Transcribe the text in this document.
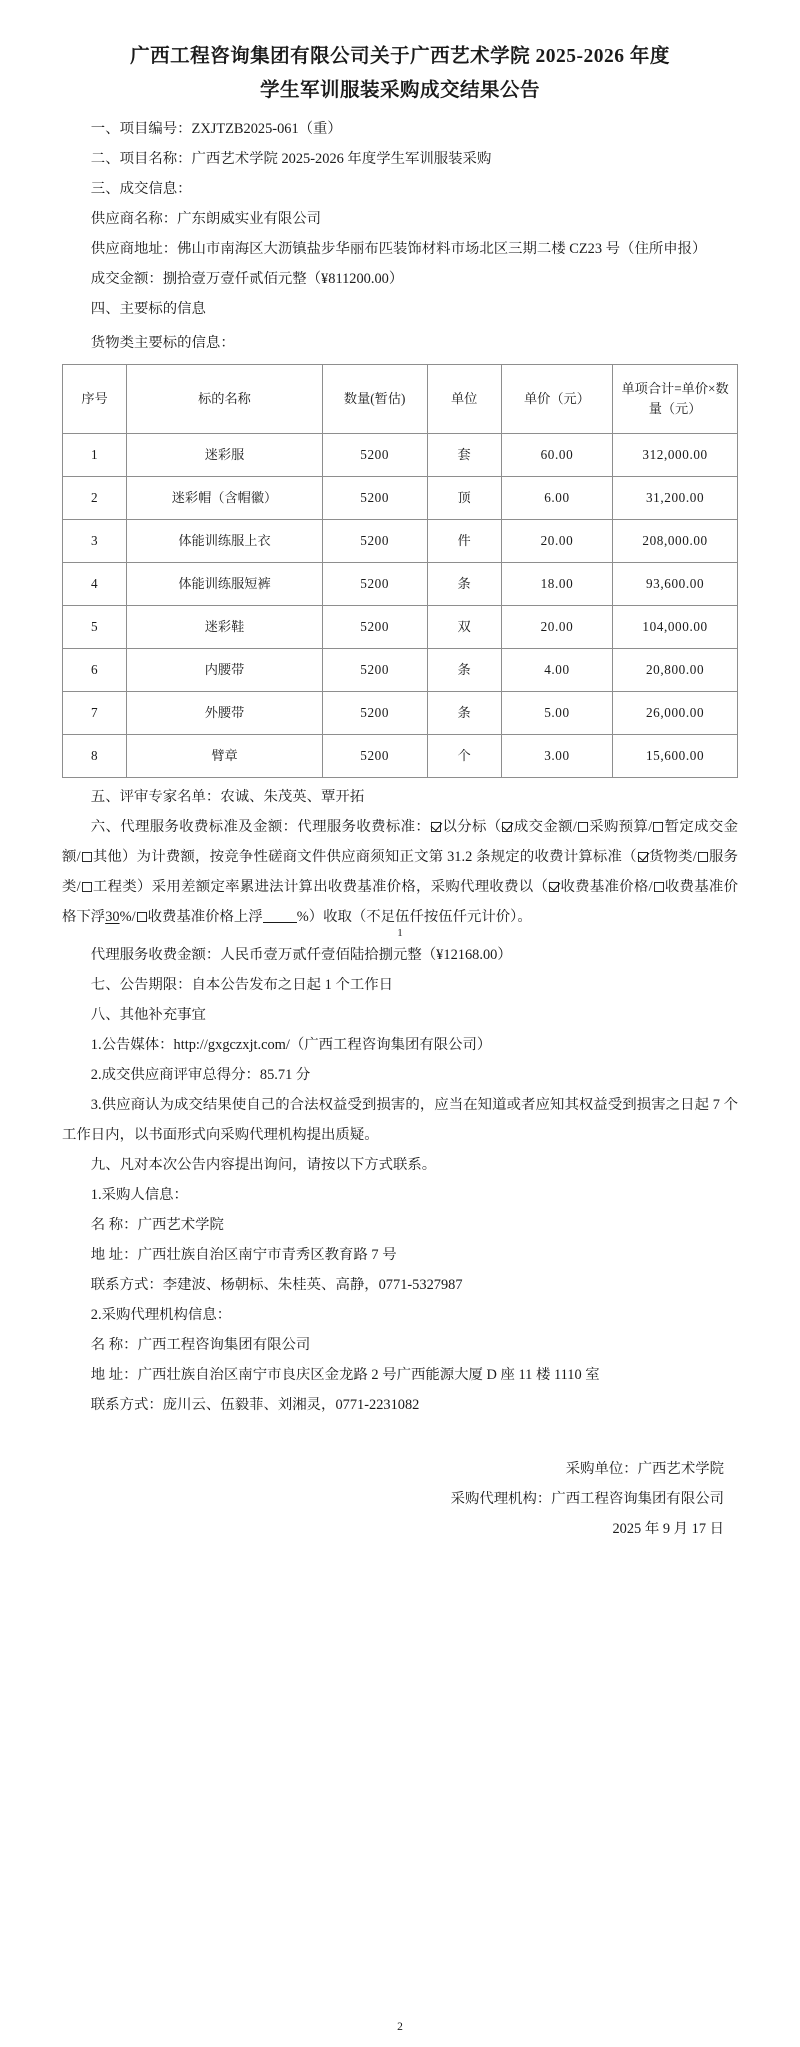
广西工程咨询集团有限公司关于广西艺术学院 2025-2026 年度
学生军训服装采购成交结果公告

一、项目编号：ZXJTZB2025-061（重）

二、项目名称：广西艺术学院 2025-2026 年度学生军训服装采购

三、成交信息：

供应商名称：广东朗威实业有限公司

供应商地址：佛山市南海区大沥镇盐步华丽布匹装饰材料市场北区三期二楼 CZ23 号（住所申报）

成交金额：捌拾壹万壹仟贰佰元整（¥811200.00）

四、主要标的信息

货物类主要标的信息：

序号	标的名称	数量(暂估)	单位	单价（元）	单项合计=单价×数量（元）
1	迷彩服	5200	套	60.00	312,000.00
2	迷彩帽（含帽徽）	5200	顶	6.00	31,200.00
3	体能训练服上衣	5200	件	20.00	208,000.00
4	体能训练服短裤	5200	条	18.00	93,600.00
5	迷彩鞋	5200	双	20.00	104,000.00
6	内腰带	5200	条	4.00	20,800.00
7	外腰带	5200	条	5.00	26,000.00
8	臂章	5200	个	3.00	15,600.00

五、评审专家名单：农诚、朱茂英、覃开拓

六、代理服务收费标准及金额：代理服务收费标准： 以分标（ 成交金额/ 采购预算/ 暂定成交金额/ 其他）为计费额，按竞争性磋商文件供应商须知正文第 31.2 条规定的收费计算标准（ 货物类/ 服务类/ 工程类）采用差额定率累进法计算出收费基准价格，采购代理收费以（ 收费基准价格/ 收费基准价格下浮30%/ 收费基准价格上浮 %）收取（不足伍仟按伍仟元计价）。

1

代理服务收费金额：人民币壹万贰仟壹佰陆拾捌元整（¥12168.00）

七、公告期限：自本公告发布之日起 1 个工作日

八、其他补充事宜

1.公告媒体：http://gxgczxjt.com/（广西工程咨询集团有限公司）

2.成交供应商评审总得分：85.71 分

3.供应商认为成交结果使自己的合法权益受到损害的，应当在知道或者应知其权益受到损害之日起 7 个工作日内，以书面形式向采购代理机构提出质疑。

九、凡对本次公告内容提出询问，请按以下方式联系。

1.采购人信息：

名 称：广西艺术学院

地 址：广西壮族自治区南宁市青秀区教育路 7 号

联系方式：李建波、杨朝标、朱桂英、高静，0771-5327987

2.采购代理机构信息：

名 称：广西工程咨询集团有限公司

地 址：广西壮族自治区南宁市良庆区金龙路 2 号广西能源大厦 D 座 11 楼 1110 室

联系方式：庞川云、伍毅菲、刘湘灵，0771-2231082

采购单位：广西艺术学院

采购代理机构：广西工程咨询集团有限公司

2025 年 9 月 17 日

2
